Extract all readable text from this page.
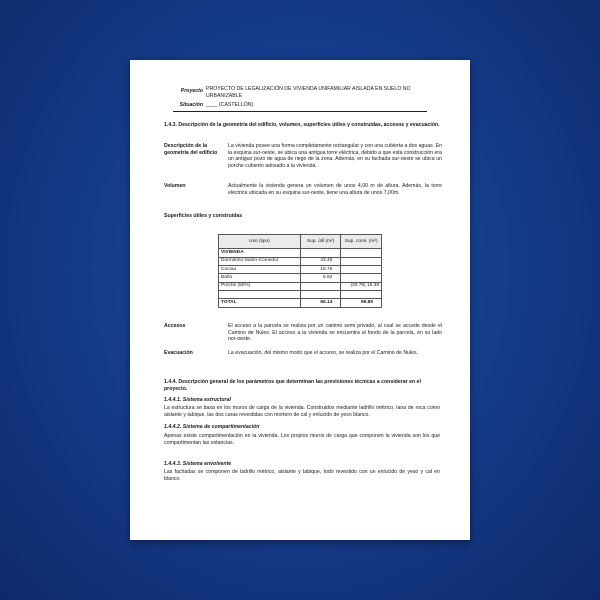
Proyecto PROYECTO DE LEGALIZACIÓN DE VIVIENDA UNIFAMILIAR AISLADA EN SUELO NO URBANIZABLE
Situación ____ (CASTELLÓN)
1.4.3. Descripción de la geometría del edificio, volumen, superficies útiles y construidas, accesos y evacuación.
Descripción de la geometría del edificio
La vivienda posee una forma completamente rectangular y con una cubierta a dos aguas. En la esquina sur-oeste, se ubica una antigua torre eléctrica, debido a que esta construcción era un antiguo pozo de agua de riego de la zona. Además, en su fachada sur-oeste se ubica un porche cubierto adosado a la vivienda.
Volumen	Actualmente la vivienda genera un volumen de unos 4,00 m de altura. Además, la torre eléctrica ubicada en su esquina sur-oeste, tiene una altura de unos 7,00m.
Superficies útiles y construidas
Uso (tipo)	Sup. útil (m²)	Sup. cons. (m²)
VIVIENDA		
Dormitorio-Salón-Comedor	43.46	
Cocina	15.76	
Baño	5.92	
Porche (50%)		(30.79) 15.39

TOTAL	65.14	99.85
Accesos	El acceso a la parcela se realiza por un camino semi privado, al cual se accede desde el Camino de Nules. El acceso a la vivienda se encuentra al fondo de la parcela, en su lado nor-oeste.
Evacuación	La evacuación, del mismo modo que el acceso, se realiza por el Camino de Nules.
1.4.4. Descripción general de los parámetros que determinan las previsiones técnicas a considerar en el proyecto.
1.4.4.1. Sistema estructural
La estructura se basa en los muros de carga de la vivienda. Construidos mediante ladrillo métrico, lana de roca como aislante y tabique, las dos caras revestidas con mortero de cal y enlucido de yeso blanco.
1.4.4.2. Sistema de compartimentación
Apenas existe compartimentación en la vivienda. Los propios muros de carga que componen la vivienda son los que compartimentan las estancias.
1.4.4.3. Sistema envolvente
Las fachadas se componen de ladrillo métrico, aislante y tabique, todo revestido con un enlucido de yeso y cal en blanco.
